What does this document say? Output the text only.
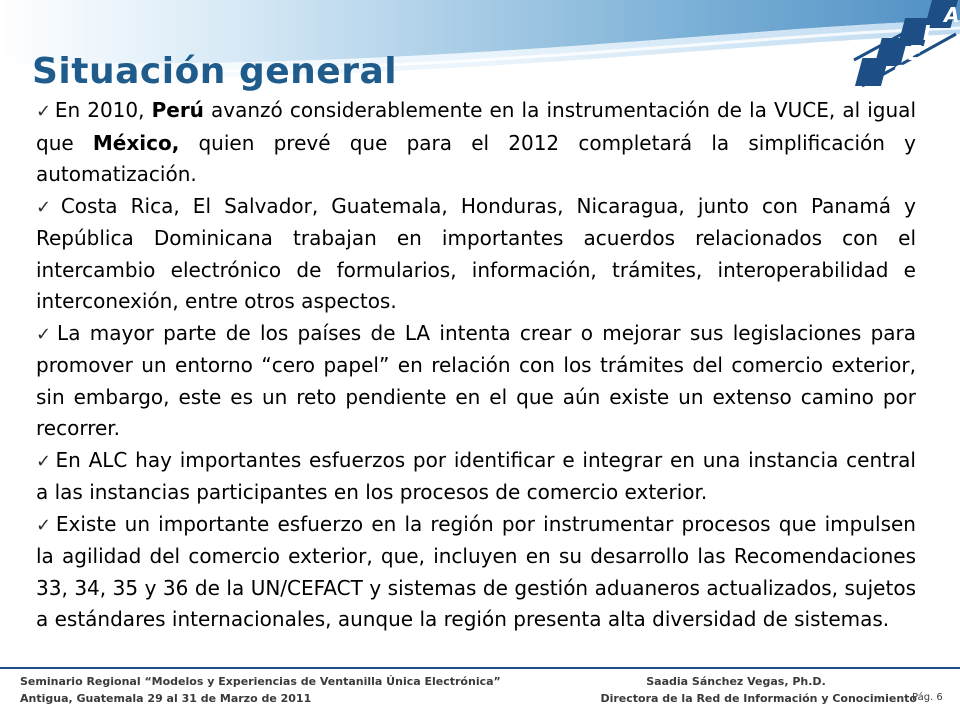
A
L
E
S
Situación general

✓ En 2010, Perú avanzó considerablemente en la instrumentación de la VUCE, al igual que México, quien prevé que para el 2012 completará la simplificación y automatización.

✓ Costa Rica, El Salvador, Guatemala, Honduras, Nicaragua, junto con Panamá y República Dominicana trabajan en importantes acuerdos relacionados con el intercambio electrónico de formularios, información, trámites, interoperabilidad e interconexión, entre otros aspectos.

✓ La mayor parte de los países de LA intenta crear o mejorar sus legislaciones para promover un entorno “cero papel” en relación con los trámites del comercio exterior, sin embargo, este es un reto pendiente en el que aún existe un extenso camino por recorrer.

✓ En ALC hay importantes esfuerzos por identificar e integrar en una instancia central a las instancias participantes en los procesos de comercio exterior.

✓ Existe un importante esfuerzo en la región por instrumentar procesos que impulsen la agilidad del comercio exterior, que, incluyen en su desarrollo las Recomendaciones 33, 34, 35 y 36 de la UN/CEFACT y sistemas de gestión aduaneros actualizados, sujetos a estándares internacionales, aunque la región presenta alta diversidad de sistemas.

Seminario Regional “Modelos y Experiencias de Ventanilla Única Electrónica”
Antigua, Guatemala 29 al 31 de Marzo de 2011
Saadia Sánchez Vegas, Ph.D.
Directora de la Red de Información y Conocimiento
Pág. 6
